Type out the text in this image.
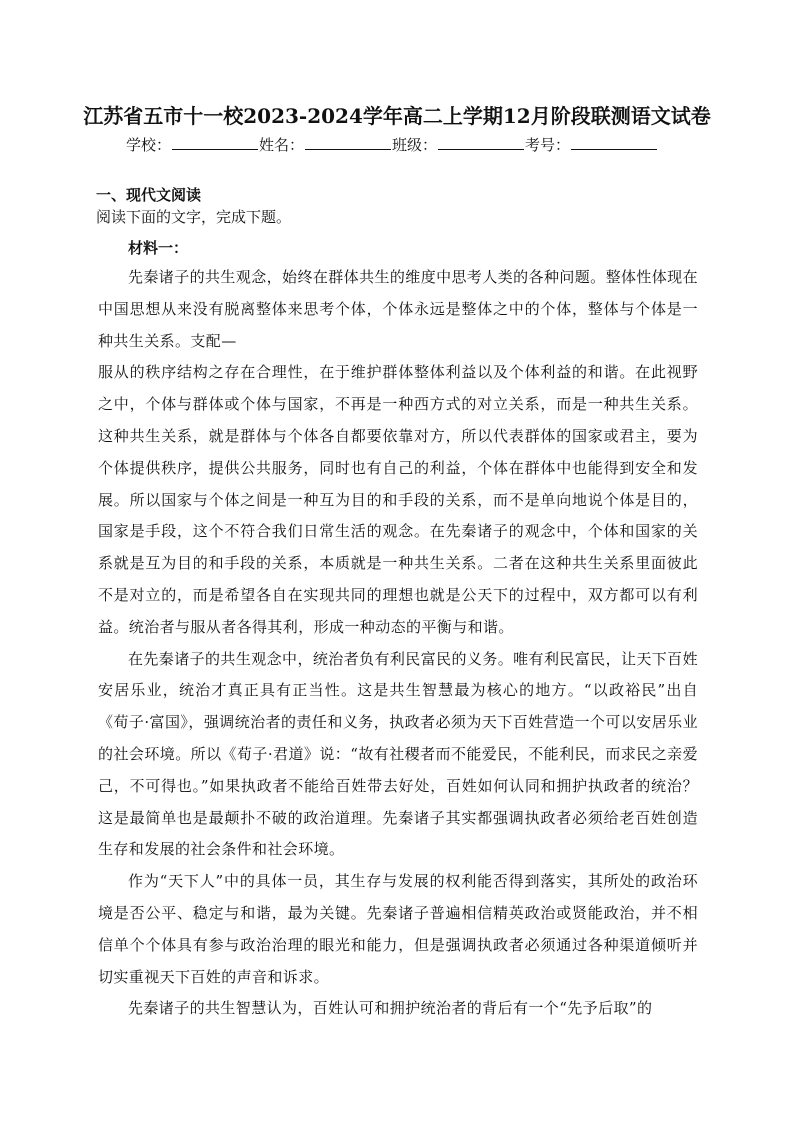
江苏省五市十一校2023-2024学年高二上学期12月阶段联测语文试卷
学校：	姓名：	班级：	考号：
一、现代文阅读
阅读下面的文字，完成下题。
材料一：

先秦诸子的共生观念，始终在群体共生的维度中思考人类的各种问题。整体性体现在中国思想从来没有脱离整体来思考个体，个体永远是整体之中的个体，整体与个体是一种共生关系。支配—

服从的秩序结构之存在合理性，在于维护群体整体利益以及个体利益的和谐。在此视野之中，个体与群体或个体与国家，不再是一种西方式的对立关系，而是一种共生关系。这种共生关系，就是群体与个体各自都要依靠对方，所以代表群体的国家或君主，要为个体提供秩序，提供公共服务，同时也有自己的利益，个体在群体中也能得到安全和发展。所以国家与个体之间是一种互为目的和手段的关系，而不是单向地说个体是目的，国家是手段，这个不符合我们日常生活的观念。在先秦诸子的观念中，个体和国家的关系就是互为目的和手段的关系，本质就是一种共生关系。二者在这种共生关系里面彼此不是对立的，而是希望各自在实现共同的理想也就是公天下的过程中，双方都可以有利益。统治者与服从者各得其利，形成一种动态的平衡与和谐。

在先秦诸子的共生观念中，统治者负有利民富民的义务。唯有利民富民，让天下百姓安居乐业，统治才真正具有正当性。这是共生智慧最为核心的地方。“以政裕民”出自《荀子·富国》，强调统治者的责任和义务，执政者必须为天下百姓营造一个可以安居乐业的社会环境。所以《荀子·君道》说：“故有社稷者而不能爱民，不能利民，而求民之亲爱己，不可得也。”如果执政者不能给百姓带去好处，百姓如何认同和拥护执政者的统治？这是最简单也是最颠扑不破的政治道理。先秦诸子其实都强调执政者必须给老百姓创造生存和发展的社会条件和社会环境。

作为“天下人”中的具体一员，其生存与发展的权利能否得到落实，其所处的政治环境是否公平、稳定与和谐，最为关键。先秦诸子普遍相信精英政治或贤能政治，并不相信单个个体具有参与政治治理的眼光和能力，但是强调执政者必须通过各种渠道倾听并切实重视天下百姓的声音和诉求。

先秦诸子的共生智慧认为，百姓认可和拥护统治者的背后有一个“先予后取”的
